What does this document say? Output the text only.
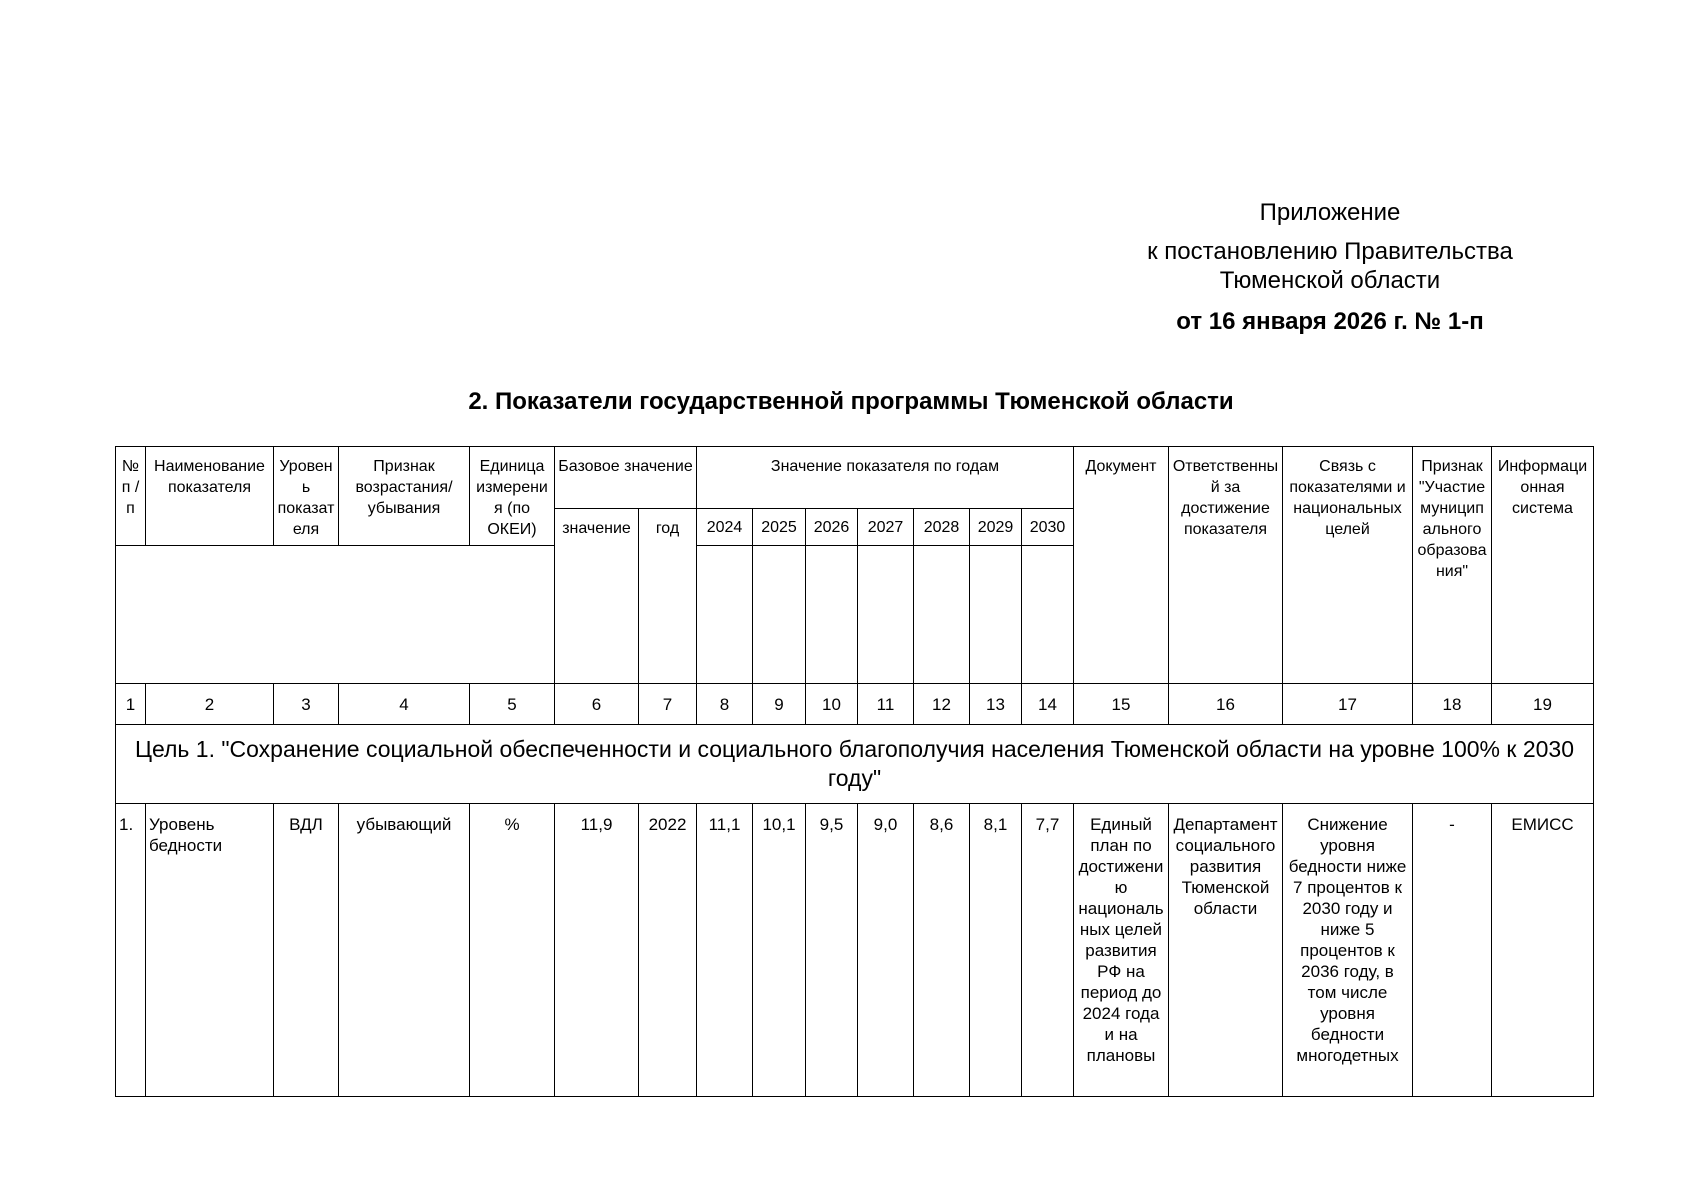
Приложение
к постановлению Правительства
Тюменской области
от 16 января 2026 г. № 1-п
2. Показатели государственной программы Тюменской области
№ п /п	Наименование показателя	Уровень показателя	Признак возрастания/ убывания	Единица измерения (по ОКЕИ)	Базовое значение		Значение показателя по годам							Документ	Ответственный за достижение показателя	Связь с показателями и национальных целей	Признак "Участие муниципального образования"	Информационная система
					значение	год	2024	2025	2026	2027	2028	2029	2030					

1	2	3	4	5	6	7	8	9	10	11	12	13	14	15	16	17	18	19
Цель 1. "Сохранение социальной обеспеченности и социального благополучия населения Тюменской области на уровне 100% к 2030 году"																		
1.	Уровень бедности	ВДЛ	убывающий	%	11,9	2022	11,1	10,1	9,5	9,0	8,6	8,1	7,7	Единый план по достижению национальных целей развития РФ на период до 2024 года и на плановы	Департамент социального развития Тюменской области	Снижение уровня бедности ниже 7 процентов к 2030 году и ниже 5 процентов к 2036 году, в том числе уровня бедности многодетных	-	ЕМИСС
